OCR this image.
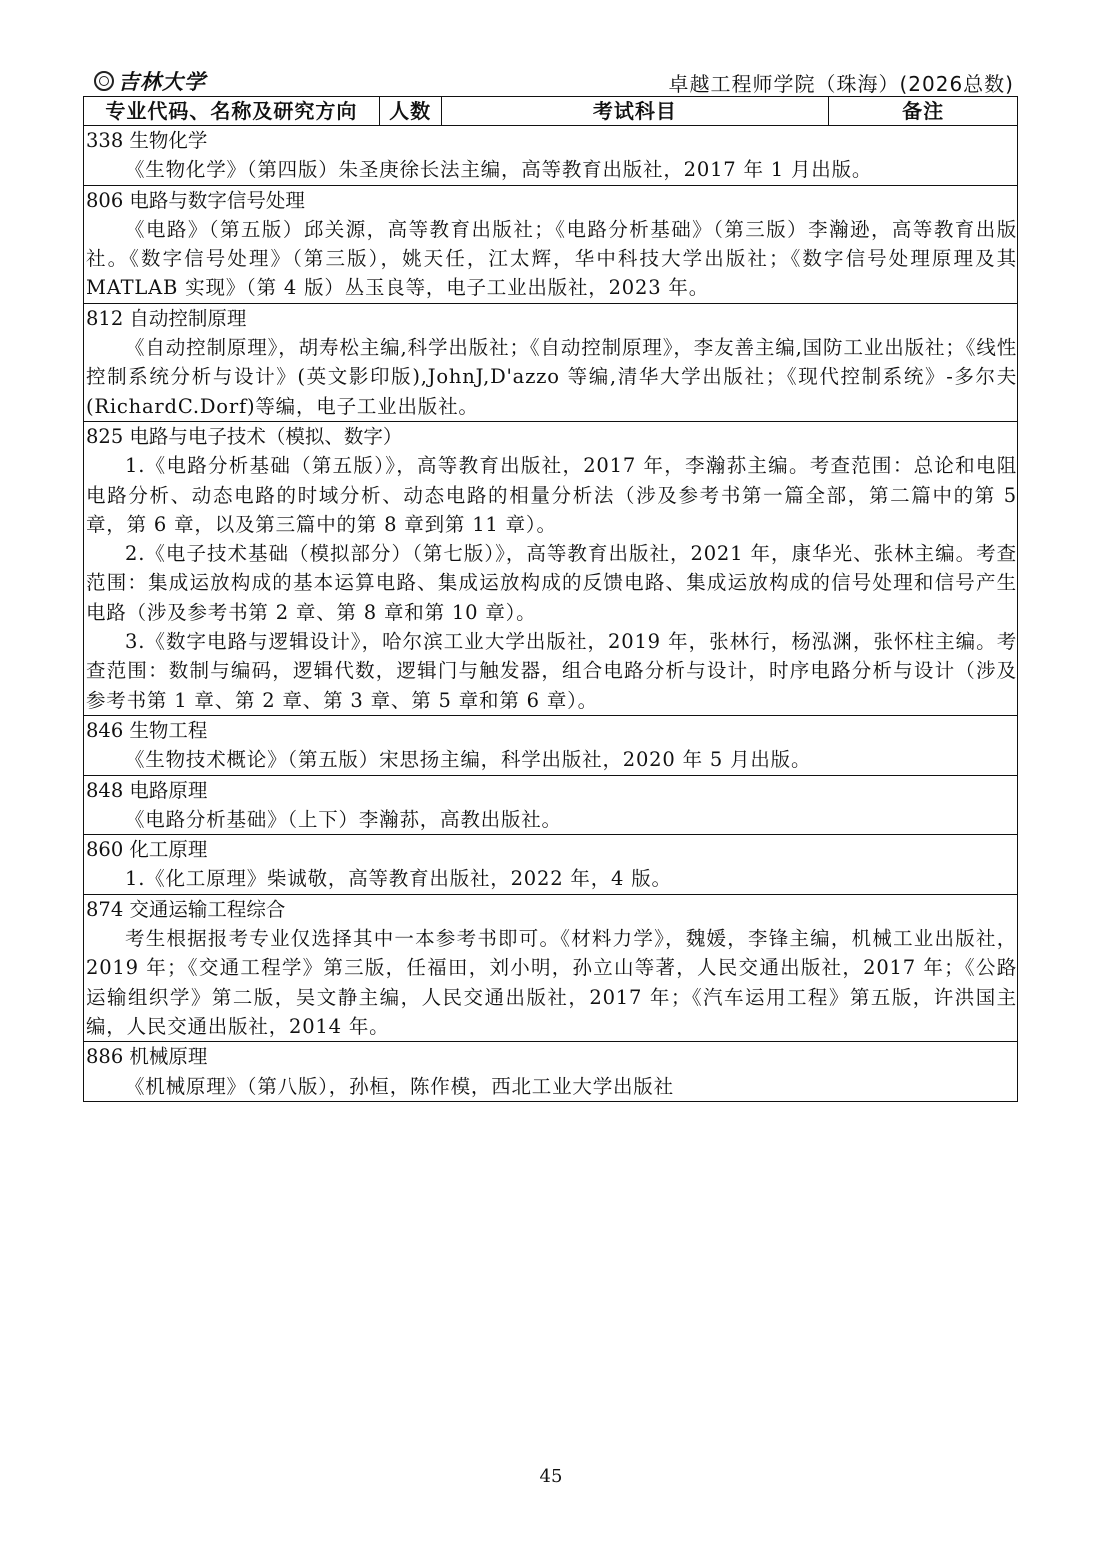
吉林大学	卓越工程师学院（珠海）(2026总数)
专业代码、名称及研究方向	人数	考试科目	备注

338 生物化学
《生物化学》（第四版）朱圣庚徐长法主编，高等教育出版社，2017 年 1 月出版。

806 电路与数字信号处理
《电路》（第五版）邱关源，高等教育出版社；《电路分析基础》（第三版）李瀚逊，高等教育出版社。《数字信号处理》（第三版），姚天任，江太辉，华中科技大学出版社；《数字信号处理原理及其 MATLAB 实现》（第 4 版）丛玉良等，电子工业出版社，2023 年。

812 自动控制原理
《自动控制原理》，胡寿松主编,科学出版社；《自动控制原理》，李友善主编,国防工业出版社；《线性控制系统分析与设计》(英文影印版),JohnJ,D'azzo 等编,清华大学出版社；《现代控制系统》-多尔夫(RichardC.Dorf)等编，电子工业出版社。

825 电路与电子技术（模拟、数字）
1.《电路分析基础（第五版）》，高等教育出版社，2017 年，李瀚荪主编。考查范围：总论和电阻电路分析、动态电路的时域分析、动态电路的相量分析法（涉及参考书第一篇全部，第二篇中的第 5 章，第 6 章，以及第三篇中的第 8 章到第 11 章）。
2.《电子技术基础（模拟部分）（第七版）》，高等教育出版社，2021 年，康华光、张林主编。考查范围：集成运放构成的基本运算电路、集成运放构成的反馈电路、集成运放构成的信号处理和信号产生电路（涉及参考书第 2 章、第 8 章和第 10 章）。
3.《数字电路与逻辑设计》，哈尔滨工业大学出版社，2019 年，张林行，杨泓渊，张怀柱主编。考查范围：数制与编码，逻辑代数，逻辑门与触发器，组合电路分析与设计，时序电路分析与设计（涉及参考书第 1 章、第 2 章、第 3 章、第 5 章和第 6 章）。

846 生物工程
《生物技术概论》（第五版）宋思扬主编，科学出版社，2020 年 5 月出版。

848 电路原理
《电路分析基础》（上下）李瀚荪，高教出版社。

860 化工原理
1.《化工原理》柴诚敬，高等教育出版社，2022 年，4 版。

874 交通运输工程综合
考生根据报考专业仅选择其中一本参考书即可。《材料力学》，魏媛，李锋主编，机械工业出版社，2019 年；《交通工程学》第三版，任福田，刘小明，孙立山等著，人民交通出版社，2017 年；《公路运输组织学》第二版，吴文静主编，人民交通出版社，2017 年；《汽车运用工程》第五版，许洪国主编，人民交通出版社，2014 年。

886 机械原理
《机械原理》（第八版），孙桓，陈作模，西北工业大学出版社
45
